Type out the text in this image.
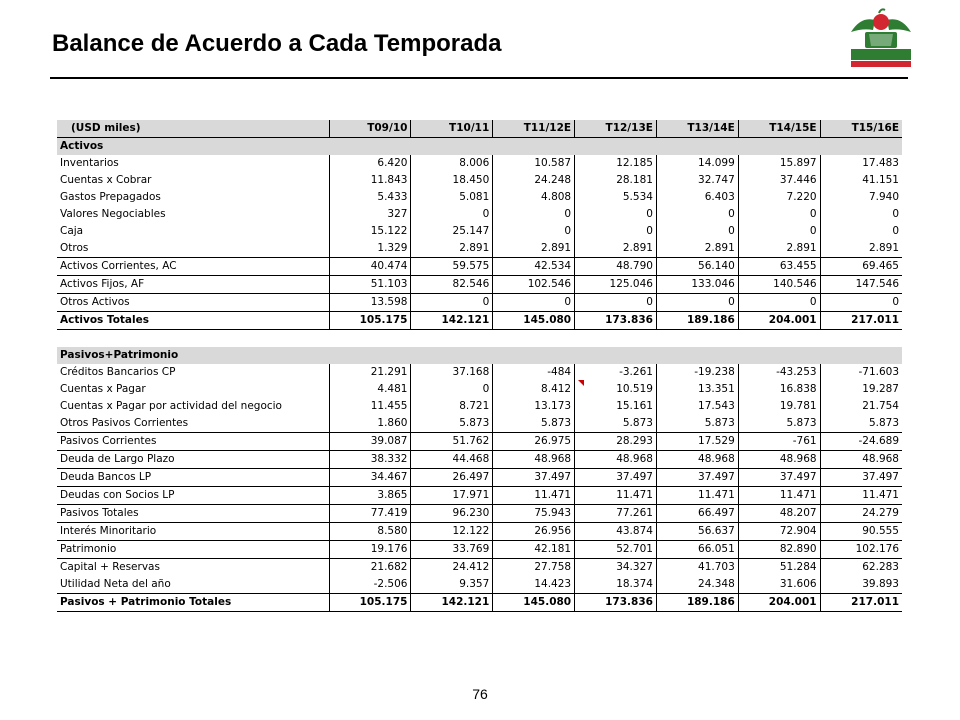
Balance de Acuerdo a Cada Temporada
(USD miles)	T09/10	T10/11	T11/12E	T12/13E	T13/14E	T14/15E	T15/16E
Activos							
Inventarios	6.420	8.006	10.587	12.185	14.099	15.897	17.483
Cuentas x Cobrar	11.843	18.450	24.248	28.181	32.747	37.446	41.151
Gastos Prepagados	5.433	5.081	4.808	5.534	6.403	7.220	7.940
Valores Negociables	327	0	0	0	0	0	0
Caja	15.122	25.147	0	0	0	0	0
Otros	1.329	2.891	2.891	2.891	2.891	2.891	2.891
Activos Corrientes, AC	40.474	59.575	42.534	48.790	56.140	63.455	69.465
Activos Fijos, AF	51.103	82.546	102.546	125.046	133.046	140.546	147.546
Otros Activos	13.598	0	0	0	0	0	0
Activos Totales	105.175	142.121	145.080	173.836	189.186	204.001	217.011

Pasivos+Patrimonio							
Créditos Bancarios CP	21.291	37.168	-484	-3.261	-19.238	-43.253	-71.603
Cuentas x Pagar	4.481	0	8.412	10.519	13.351	16.838	19.287
Cuentas x Pagar por actividad del negocio	11.455	8.721	13.173	15.161	17.543	19.781	21.754
Otros Pasivos Corrientes	1.860	5.873	5.873	5.873	5.873	5.873	5.873
Pasivos Corrientes	39.087	51.762	26.975	28.293	17.529	-761	-24.689
Deuda de Largo Plazo	38.332	44.468	48.968	48.968	48.968	48.968	48.968
Deuda Bancos LP	34.467	26.497	37.497	37.497	37.497	37.497	37.497
Deudas con Socios LP	3.865	17.971	11.471	11.471	11.471	11.471	11.471
Pasivos Totales	77.419	96.230	75.943	77.261	66.497	48.207	24.279
Interés Minoritario	8.580	12.122	26.956	43.874	56.637	72.904	90.555
Patrimonio	19.176	33.769	42.181	52.701	66.051	82.890	102.176
Capital + Reservas	21.682	24.412	27.758	34.327	41.703	51.284	62.283
Utilidad Neta del año	-2.506	9.357	14.423	18.374	24.348	31.606	39.893
Pasivos + Patrimonio Totales	105.175	142.121	145.080	173.836	189.186	204.001	217.011
76
